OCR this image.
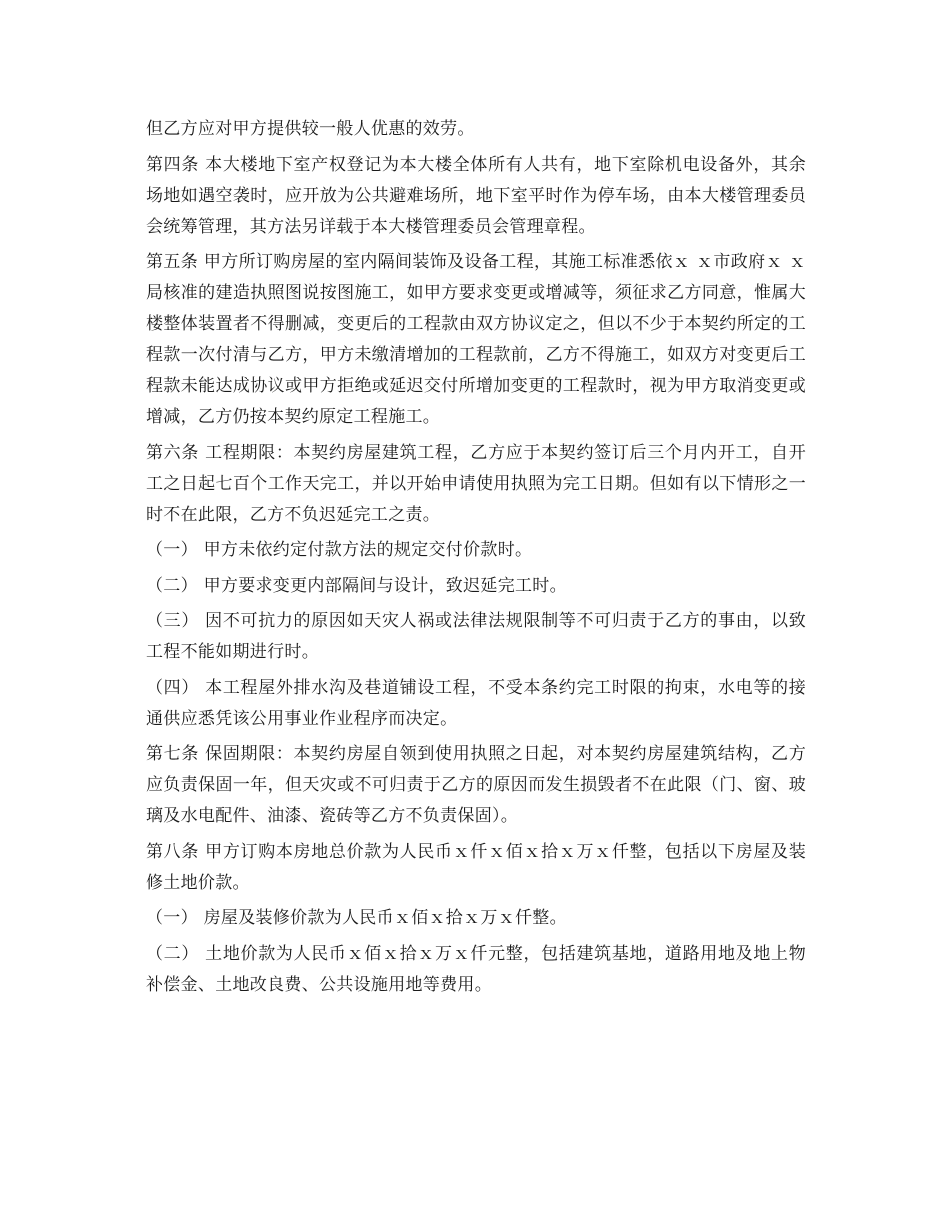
但乙方应对甲方提供较一般人优惠的效劳。

第四条 本大楼地下室产权登记为本大楼全体所有人共有，地下室除机电设备外，其余场地如遇空袭时，应开放为公共避难场所，地下室平时作为停车场，由本大楼管理委员会统筹管理，其方法另详载于本大楼管理委员会管理章程。

第五条 甲方所订购房屋的室内隔间装饰及设备工程，其施工标准悉依ｘ ｘ市政府ｘ ｘ局核准的建造执照图说按图施工，如甲方要求变更或增减等，须征求乙方同意，惟属大楼整体装置者不得删减，变更后的工程款由双方协议定之，但以不少于本契约所定的工程款一次付清与乙方，甲方未缴清增加的工程款前，乙方不得施工，如双方对变更后工程款未能达成协议或甲方拒绝或延迟交付所增加变更的工程款时，视为甲方取消变更或增减，乙方仍按本契约原定工程施工。

第六条 工程期限：本契约房屋建筑工程，乙方应于本契约签订后三个月内开工，自开工之日起七百个工作天完工，并以开始申请使用执照为完工日期。但如有以下情形之一时不在此限，乙方不负迟延完工之责。

（一） 甲方未依约定付款方法的规定交付价款时。

（二） 甲方要求变更内部隔间与设计，致迟延完工时。

（三） 因不可抗力的原因如天灾人祸或法律法规限制等不可归责于乙方的事由，以致工程不能如期进行时。

（四） 本工程屋外排水沟及巷道铺设工程，不受本条约完工时限的拘束，水电等的接通供应悉凭该公用事业作业程序而决定。

第七条 保固期限：本契约房屋自领到使用执照之日起，对本契约房屋建筑结构，乙方应负责保固一年，但天灾或不可归责于乙方的原因而发生损毁者不在此限（门、窗、玻璃及水电配件、油漆、瓷砖等乙方不负责保固）。

第八条 甲方订购本房地总价款为人民币ｘ仟ｘ佰ｘ拾ｘ万ｘ仟整，包括以下房屋及装修土地价款。

（一） 房屋及装修价款为人民币ｘ佰ｘ拾ｘ万ｘ仟整。

（二） 土地价款为人民币ｘ佰ｘ拾ｘ万ｘ仟元整，包括建筑基地，道路用地及地上物补偿金、土地改良费、公共设施用地等费用。
